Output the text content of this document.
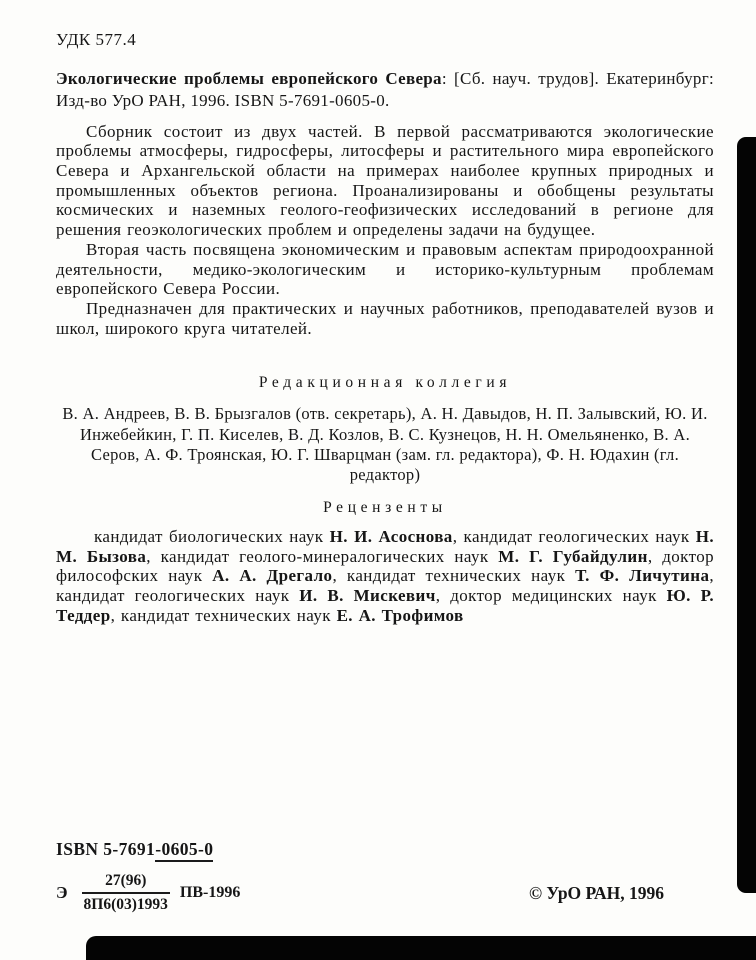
УДК 577.4

Экологические проблемы европейского Севера: [Сб. науч. трудов]. Екатеринбург: Изд-во УрО РАН, 1996. ISBN 5-7691-0605-0.

Сборник состоит из двух частей. В первой рассматриваются экологические проблемы атмосферы, гидросферы, литосферы и растительного мира европейского Севера и Архангельской области на примерах наиболее крупных природных и промышленных объектов региона. Проанализированы и обобщены результаты космических и наземных геолого-геофизических исследований в регионе для решения геоэкологических проблем и определены задачи на будущее.

Вторая часть посвящена экономическим и правовым аспектам природоохранной деятельности, медико-экологическим и историко-культурным проблемам европейского Севера России.

Предназначен для практических и научных работников, преподавателей вузов и школ, широкого круга читателей.

Редакционная коллегия

В. А. Андреев, В. В. Брызгалов (отв. секретарь), А. Н. Давыдов, Н. П. Залывский, Ю. И. Инжебейкин, Г. П. Киселев, В. Д. Козлов, В. С. Кузнецов, Н. Н. Омельяненко, В. А. Серов, А. Ф. Троянская, Ю. Г. Шварцман (зам. гл. редактора), Ф. Н. Юдахин (гл. редактор)

Рецензенты

кандидат биологических наук Н. И. Асоснова, кандидат геологических наук Н. М. Бызова, кандидат геолого-минералогических наук М. Г. Губайдулин, доктор философских наук А. А. Дрегало, кандидат технических наук Т. Ф. Личутина, кандидат геологических наук И. В. Мискевич, доктор медицинских наук Ю. Р. Теддер, кандидат технических наук Е. А. Трофимов

ISBN 5-7691-0605-0
Э $\frac{27(96)}{8П6(03)1993} ПВ-1996$	© УрО РАН, 1996
